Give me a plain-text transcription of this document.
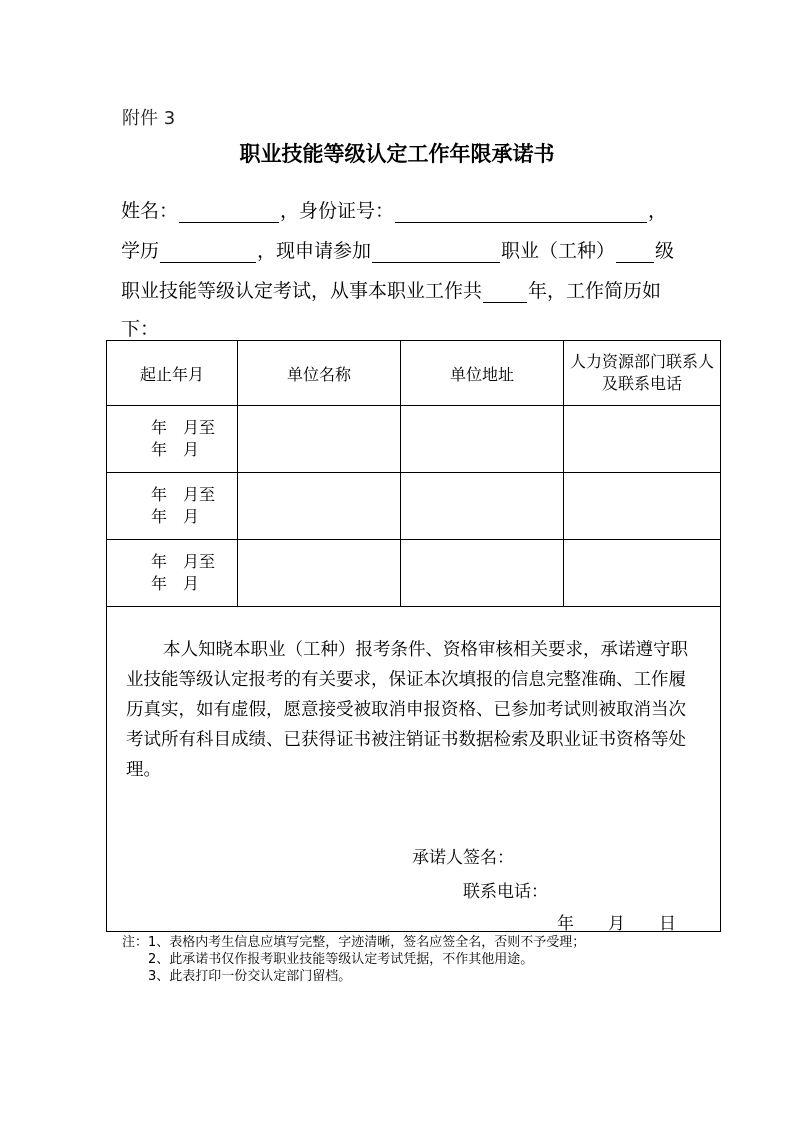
附件 3
职业技能等级认定工作年限承诺书
姓名：	，身份证号：	，
学历	，现申请参加	职业（工种） 级
职业技能等级认定考试，从事本职业工作共 年，工作简历如
下：
起止年月	单位名称	单位地址	人力资源部门联系人及联系电话

年　月至
年　月			

年　月至
年　月			

年　月至
年　月			

本人知晓本职业（工种）报考条件、资格审核相关要求，承诺遵守职业技能等级认定报考的有关要求，保证本次填报的信息完整准确、工作履历真实，如有虚假，愿意接受被取消申报资格、已参加考试则被取消当次考试所有科目成绩、已获得证书被注销证书数据检索及职业证书资格等处理。
承诺人签名：
联系电话：
年　　月　　日			
注：1、表格内考生信息应填写完整，字迹清晰，签名应签全名，否则不予受理；
　　2、此承诺书仅作报考职业技能等级认定考试凭据，不作其他用途。
　　3、此表打印一份交认定部门留档。
